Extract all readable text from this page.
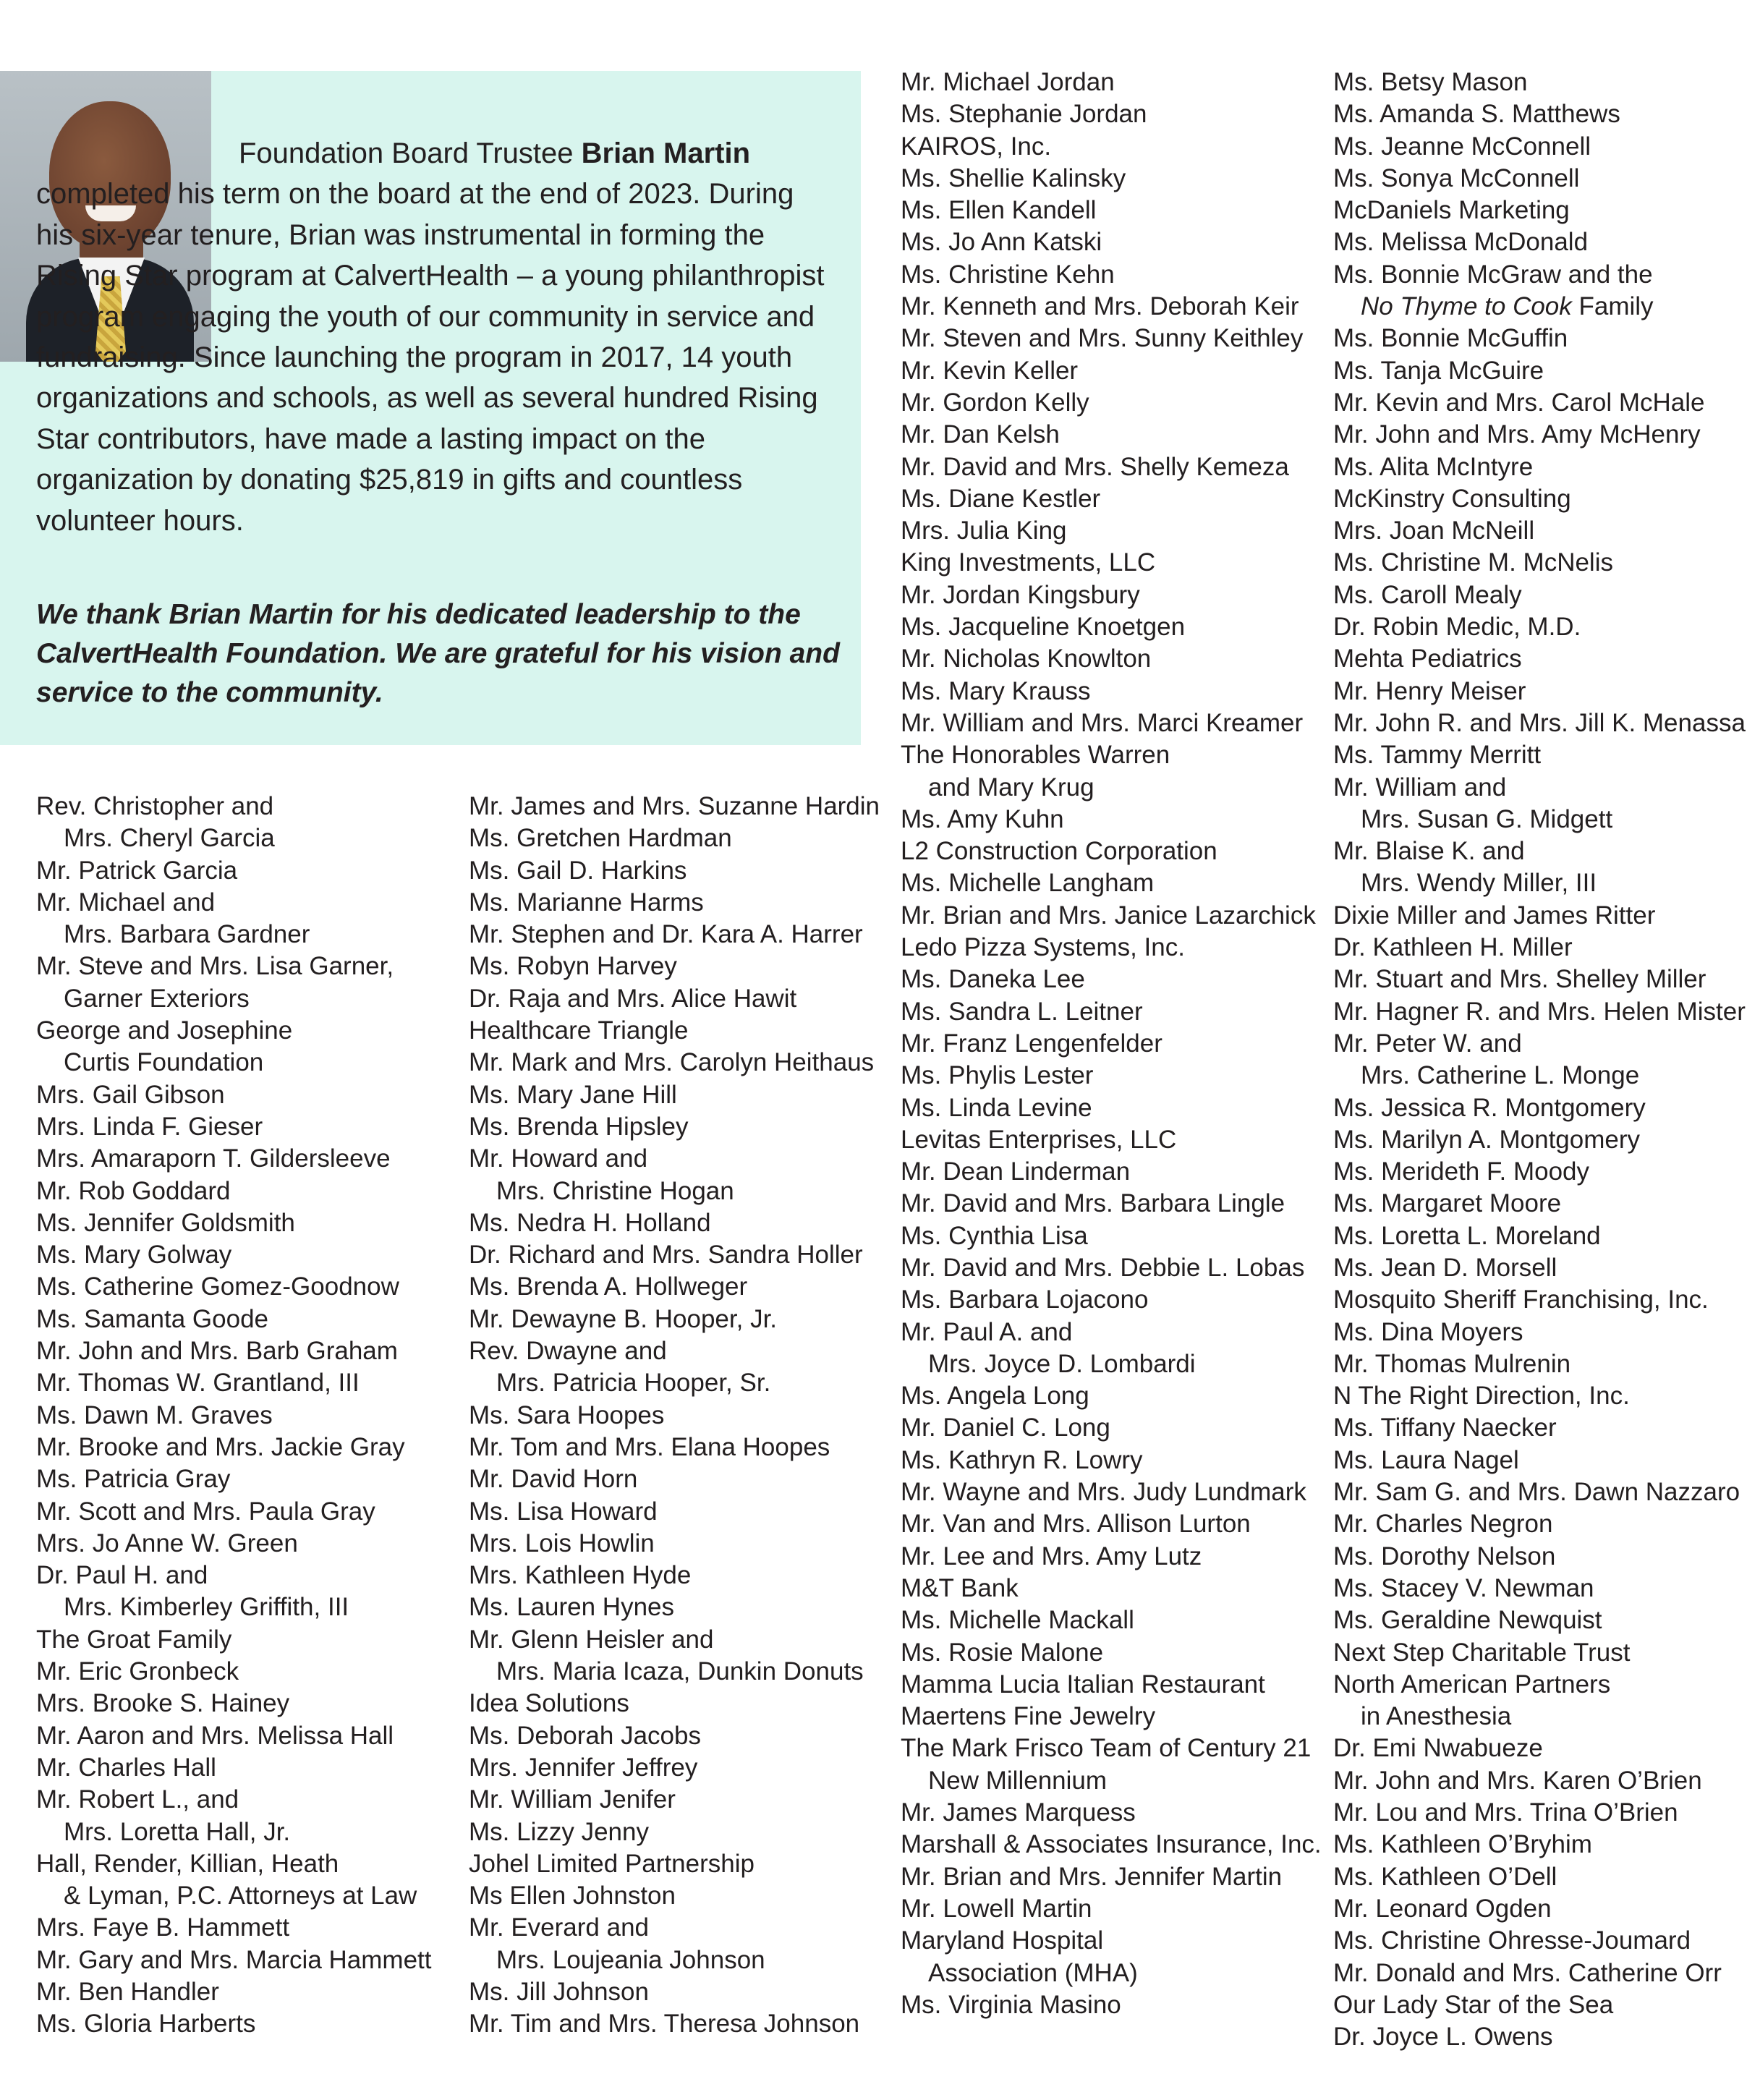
Foundation Board Trustee Brian Martin completed his term on the board at the end of 2023. During his six-year tenure, Brian was instrumental in forming the Rising Star program at CalvertHealth – a young philanthropist program engaging the youth of our community in service and fundraising. Since launching the program in 2017, 14 youth organizations and schools, as well as several hundred Rising Star contributors, have made a lasting impact on the organization by donating $25,819 in gifts and countless volunteer hours.

We thank Brian Martin for his dedicated leadership to the CalvertHealth Foundation. We are grateful for his vision and service to the community.
Rev. Christopher and
Mrs. Cheryl Garcia
Mr. Patrick Garcia
Mr. Michael and
Mrs. Barbara Gardner
Mr. Steve and Mrs. Lisa Garner,
Garner Exteriors
George and Josephine
Curtis Foundation
Mrs. Gail Gibson
Mrs. Linda F. Gieser
Mrs. Amaraporn T. Gildersleeve
Mr. Rob Goddard
Ms. Jennifer Goldsmith
Ms. Mary Golway
Ms. Catherine Gomez-Goodnow
Ms. Samanta Goode
Mr. John and Mrs. Barb Graham
Mr. Thomas W. Grantland, III
Ms. Dawn M. Graves
Mr. Brooke and Mrs. Jackie Gray
Ms. Patricia Gray
Mr. Scott and Mrs. Paula Gray
Mrs. Jo Anne W. Green
Dr. Paul H. and
Mrs. Kimberley Griffith, III
The Groat Family
Mr. Eric Gronbeck
Mrs. Brooke S. Hainey
Mr. Aaron and Mrs. Melissa Hall
Mr. Charles Hall
Mr. Robert L., and
Mrs. Loretta Hall, Jr.
Hall, Render, Killian, Heath
& Lyman, P.C. Attorneys at Law
Mrs. Faye B. Hammett
Mr. Gary and Mrs. Marcia Hammett
Mr. Ben Handler
Ms. Gloria Harberts
Mr. James and Mrs. Suzanne Hardin
Ms. Gretchen Hardman
Ms. Gail D. Harkins
Ms. Marianne Harms
Mr. Stephen and Dr. Kara A. Harrer
Ms. Robyn Harvey
Dr. Raja and Mrs. Alice Hawit
Healthcare Triangle
Mr. Mark and Mrs. Carolyn Heithaus
Ms. Mary Jane Hill
Ms. Brenda Hipsley
Mr. Howard and
Mrs. Christine Hogan
Ms. Nedra H. Holland
Dr. Richard and Mrs. Sandra Holler
Ms. Brenda A. Hollweger
Mr. Dewayne B. Hooper, Jr.
Rev. Dwayne and
Mrs. Patricia Hooper, Sr.
Ms. Sara Hoopes
Mr. Tom and Mrs. Elana Hoopes
Mr. David Horn
Ms. Lisa Howard
Mrs. Lois Howlin
Mrs. Kathleen Hyde
Ms. Lauren Hynes
Mr. Glenn Heisler and
Mrs. Maria Icaza, Dunkin Donuts
Idea Solutions
Ms. Deborah Jacobs
Mrs. Jennifer Jeffrey
Mr. William Jenifer
Ms. Lizzy Jenny
Johel Limited Partnership
Ms Ellen Johnston
Mr. Everard and
Mrs. Loujeania Johnson
Ms. Jill Johnson
Mr. Tim and Mrs. Theresa Johnson
Mr. Michael Jordan
Ms. Stephanie Jordan
KAIROS, Inc.
Ms. Shellie Kalinsky
Ms. Ellen Kandell
Ms. Jo Ann Katski
Ms. Christine Kehn
Mr. Kenneth and Mrs. Deborah Keir
Mr. Steven and Mrs. Sunny Keithley
Mr. Kevin Keller
Mr. Gordon Kelly
Mr. Dan Kelsh
Mr. David and Mrs. Shelly Kemeza
Ms. Diane Kestler
Mrs. Julia King
King Investments, LLC
Mr. Jordan Kingsbury
Ms. Jacqueline Knoetgen
Mr. Nicholas Knowlton
Ms. Mary Krauss
Mr. William and Mrs. Marci Kreamer
The Honorables Warren
and Mary Krug
Ms. Amy Kuhn
L2 Construction Corporation
Ms. Michelle Langham
Mr. Brian and Mrs. Janice Lazarchick
Ledo Pizza Systems, Inc.
Ms. Daneka Lee
Ms. Sandra L. Leitner
Mr. Franz Lengenfelder
Ms. Phylis Lester
Ms. Linda Levine
Levitas Enterprises, LLC
Mr. Dean Linderman
Mr. David and Mrs. Barbara Lingle
Ms. Cynthia Lisa
Mr. David and Mrs. Debbie L. Lobas
Ms. Barbara Lojacono
Mr. Paul A. and
Mrs. Joyce D. Lombardi
Ms. Angela Long
Mr. Daniel C. Long
Ms. Kathryn R. Lowry
Mr. Wayne and Mrs. Judy Lundmark
Mr. Van and Mrs. Allison Lurton
Mr. Lee and Mrs. Amy Lutz
M&T Bank
Ms. Michelle Mackall
Ms. Rosie Malone
Mamma Lucia Italian Restaurant
Maertens Fine Jewelry
The Mark Frisco Team of Century 21
New Millennium
Mr. James Marquess
Marshall & Associates Insurance, Inc.
Mr. Brian and Mrs. Jennifer Martin
Mr. Lowell Martin
Maryland Hospital
Association (MHA)
Ms. Virginia Masino
Ms. Betsy Mason
Ms. Amanda S. Matthews
Ms. Jeanne McConnell
Ms. Sonya McConnell
McDaniels Marketing
Ms. Melissa McDonald
Ms. Bonnie McGraw and the
No Thyme to Cook Family
Ms. Bonnie McGuffin
Ms. Tanja McGuire
Mr. Kevin and Mrs. Carol McHale
Mr. John and Mrs. Amy McHenry
Ms. Alita McIntyre
McKinstry Consulting
Mrs. Joan McNeill
Ms. Christine M. McNelis
Ms. Caroll Mealy
Dr. Robin Medic, M.D.
Mehta Pediatrics
Mr. Henry Meiser
Mr. John R. and Mrs. Jill K. Menassa
Ms. Tammy Merritt
Mr. William and
Mrs. Susan G. Midgett
Mr. Blaise K. and
Mrs. Wendy Miller, III
Dixie Miller and James Ritter
Dr. Kathleen H. Miller
Mr. Stuart and Mrs. Shelley Miller
Mr. Hagner R. and Mrs. Helen Mister
Mr. Peter W. and
Mrs. Catherine L. Monge
Ms. Jessica R. Montgomery
Ms. Marilyn A. Montgomery
Ms. Merideth F. Moody
Ms. Margaret Moore
Ms. Loretta L. Moreland
Ms. Jean D. Morsell
Mosquito Sheriff Franchising, Inc.
Ms. Dina Moyers
Mr. Thomas Mulrenin
N The Right Direction, Inc.
Ms. Tiffany Naecker
Ms. Laura Nagel
Mr. Sam G. and Mrs. Dawn Nazzaro
Mr. Charles Negron
Ms. Dorothy Nelson
Ms. Stacey V. Newman
Ms. Geraldine Newquist
Next Step Charitable Trust
North American Partners
in Anesthesia
Dr. Emi Nwabueze
Mr. John and Mrs. Karen O’Brien
Mr. Lou and Mrs. Trina O’Brien
Ms. Kathleen O’Bryhim
Ms. Kathleen O’Dell
Mr. Leonard Ogden
Ms. Christine Ohresse-Joumard
Mr. Donald and Mrs. Catherine Orr
Our Lady Star of the Sea
Dr. Joyce L. Owens
